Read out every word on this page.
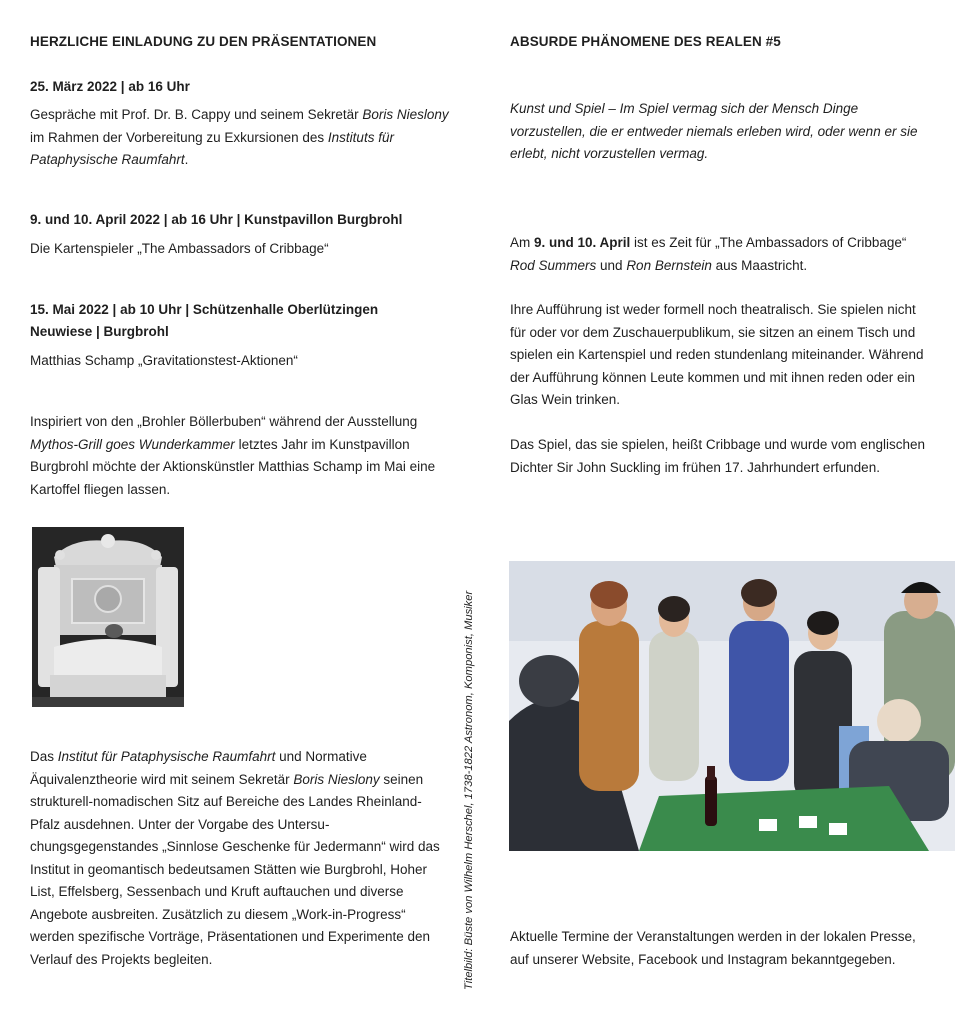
HERZLICHE EINLADUNG ZU DEN PRÄSENTATIONEN
25. März 2022 | ab 16 Uhr

Gespräche mit Prof. Dr. B. Cappy und seinem Sekretär Boris Nieslony im Rahmen der Vorbereitung zu Exkursionen des Instituts für Pataphysische Raumfahrt.

9. und 10. April 2022 | ab 16 Uhr | Kunstpavillon Burgbrohl

Die Kartenspieler „The Ambassadors of Cribbage“

15. Mai 2022 | ab 10 Uhr | Schützenhalle Oberlützingen Neuwiese | Burgbrohl

Matthias Schamp „Gravitationstest-Aktionen“

Inspiriert von den „Brohler Böllerbuben“ während der Ausstellung Mythos-Grill goes Wunderkammer letztes Jahr im Kunstpavillon Burgbrohl möchte der Aktionskünstler Matthias Schamp im Mai eine Kartoffel fliegen lassen.

Das Institut für Pataphysische Raumfahrt und Normative Äquivalenztheorie wird mit seinem Sekretär Boris Nieslony seinen strukturell-nomadischen Sitz auf Bereiche des Landes Rheinland-Pfalz ausdehnen. Unter der Vorgabe des Untersuchungsgegenstandes „Sinnlose Geschenke für Jedermann“ wird das Institut in geomantisch bedeutsamen Stätten wie Burgbrohl, Hoher List, Effelsberg, Sessenbach und Kruft auftauchen und diverse Angebote ausbreiten. Zusätzlich zu diesem „Work-in-Progress“ werden spezifische Vorträge, Präsentationen und Experimente den Verlauf des Projekts begleiten.	Titelbild: Büste von Wilhelm Herschel, 1738-1822 Astronom, Komponist, Musiker
ABSURDE PHÄNOMENE DES REALEN #5

Kunst und Spiel – Im Spiel vermag sich der Mensch Dinge vorzustellen, die er entweder niemals erleben wird, oder wenn er sie erlebt, nicht vorzustellen vermag.

Am 9. und 10. April ist es Zeit für „The Ambassadors of Cribbage“ Rod Summers und Ron Bernstein aus Maastricht.

Ihre Aufführung ist weder formell noch theatralisch. Sie spielen nicht für oder vor dem Zuschauerpublikum, sie sitzen an einem Tisch und spielen ein Kartenspiel und reden stundenlang miteinander. Während der Aufführung können Leute kommen und mit ihnen reden oder ein Glas Wein trinken.

Das Spiel, das sie spielen, heißt Cribbage und wurde vom englischen Dichter Sir John Suckling im frühen 17. Jahrhundert erfunden.

Aktuelle Termine der Veranstaltungen werden in der lokalen Presse, auf unserer Website, Facebook und Instagram bekanntgegeben.
